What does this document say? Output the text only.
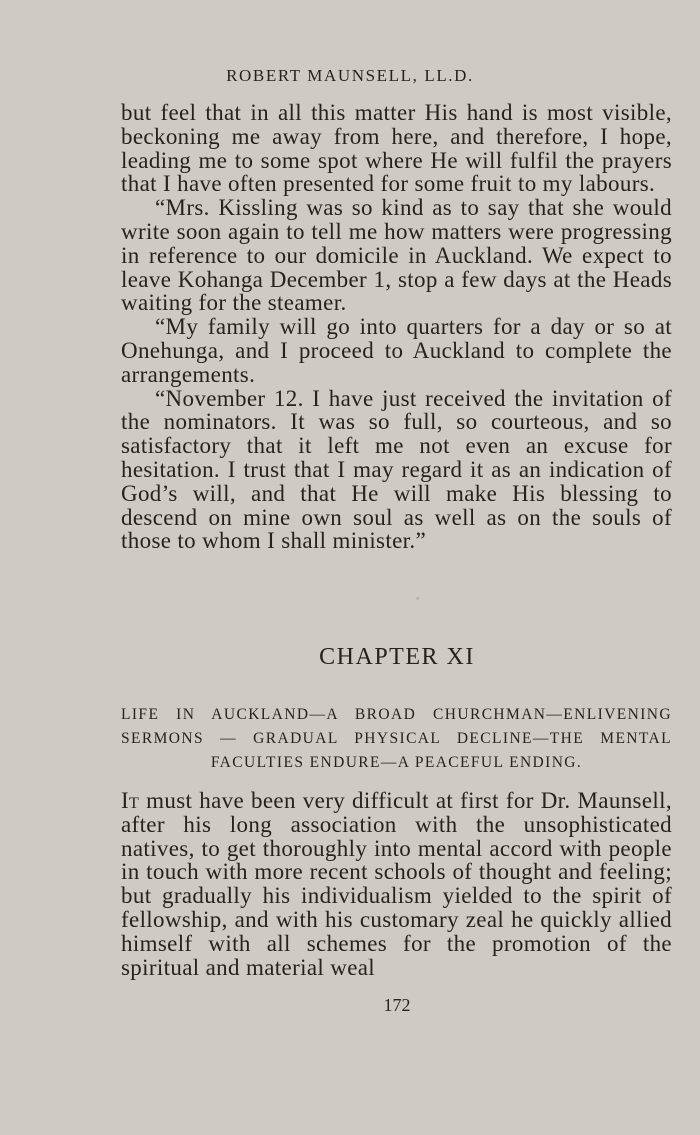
ROBERT MAUNSELL, LL.D.

but feel that in all this matter His hand is most visible, beckoning me away from here, and therefore, I hope, leading me to some spot where He will fulfil the prayers that I have often presented for some fruit to my labours.

“Mrs. Kissling was so kind as to say that she would write soon again to tell me how matters were progressing in reference to our domicile in Auckland. We expect to leave Kohanga December 1, stop a few days at the Heads waiting for the steamer.

“My family will go into quarters for a day or so at Onehunga, and I proceed to Auckland to complete the arrangements.

“November 12. I have just received the invitation of the nominators. It was so full, so courteous, and so satisfactory that it left me not even an excuse for hesitation. I trust that I may regard it as an indication of God’s will, and that He will make His blessing to descend on mine own soul as well as on the souls of those to whom I shall minister.”

CHAPTER XI
LIFE IN AUCKLAND—A BROAD CHURCHMAN—ENLIVENING SERMONS — GRADUAL PHYSICAL DECLINE—THE MENTAL FACULTIES ENDURE—A PEACEFUL ENDING.

It must have been very difficult at first for Dr. Maunsell, after his long association with the unsophisticated natives, to get thoroughly into mental accord with people in touch with more recent schools of thought and feeling; but gradually his individualism yielded to the spirit of fellowship, and with his customary zeal he quickly allied himself with all schemes for the promotion of the spiritual and material weal

172
